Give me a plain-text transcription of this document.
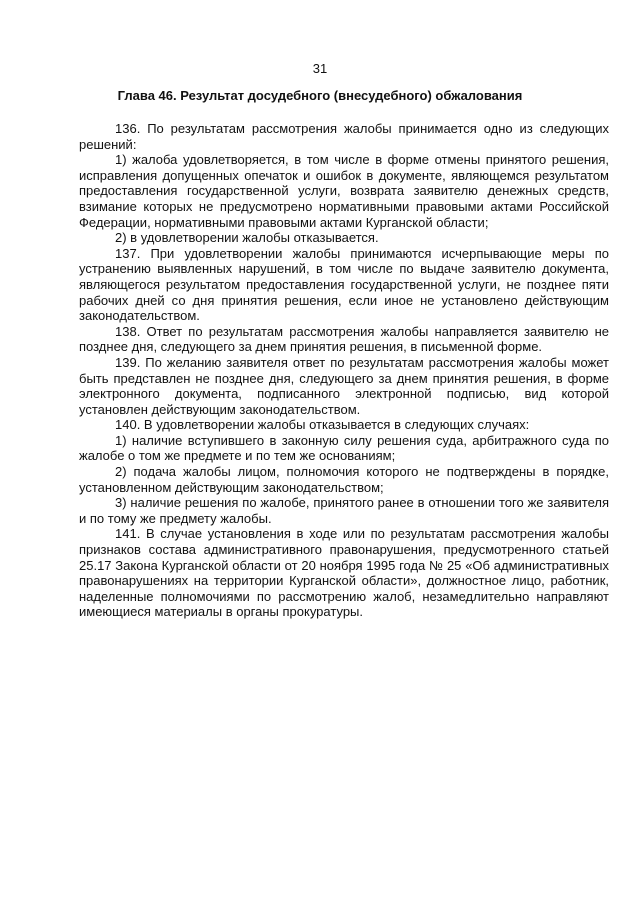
31
Глава 46. Результат досудебного (внесудебного) обжалования

136. По результатам рассмотрения жалобы принимается одно из следующих решений:

1) жалоба удовлетворяется, в том числе в форме отмены принятого решения, исправления допущенных опечаток и ошибок в документе, являющемся результатом предоставления государственной услуги, возврата заявителю денежных средств, взимание которых не предусмотрено нормативными правовыми актами Российской Федерации, нормативными правовыми актами Курганской области;

2) в удовлетворении жалобы отказывается.

137. При удовлетворении жалобы принимаются исчерпывающие меры по устранению выявленных нарушений, в том числе по выдаче заявителю документа, являющегося результатом предоставления государственной услуги, не позднее пяти рабочих дней со дня принятия решения, если иное не установлено действующим законодательством.

138. Ответ по результатам рассмотрения жалобы направляется заявителю не позднее дня, следующего за днем принятия решения, в письменной форме.

139. По желанию заявителя ответ по результатам рассмотрения жалобы может быть представлен не позднее дня, следующего за днем принятия решения, в форме электронного документа, подписанного электронной подписью, вид которой установлен действующим законодательством.

140. В удовлетворении жалобы отказывается в следующих случаях:

1) наличие вступившего в законную силу решения суда, арбитражного суда по жалобе о том же предмете и по тем же основаниям;

2) подача жалобы лицом, полномочия которого не подтверждены в порядке, установленном действующим законодательством;

3) наличие решения по жалобе, принятого ранее в отношении того же заявителя и по тому же предмету жалобы.

141. В случае установления в ходе или по результатам рассмотрения жалобы признаков состава административного правонарушения, предусмотренного статьей 25.17 Закона Курганской области от 20 ноября 1995 года № 25 «Об административных правонарушениях на территории Курганской области», должностное лицо, работник, наделенные полномочиями по рассмотрению жалоб, незамедлительно направляют имеющиеся материалы в органы прокуратуры.
